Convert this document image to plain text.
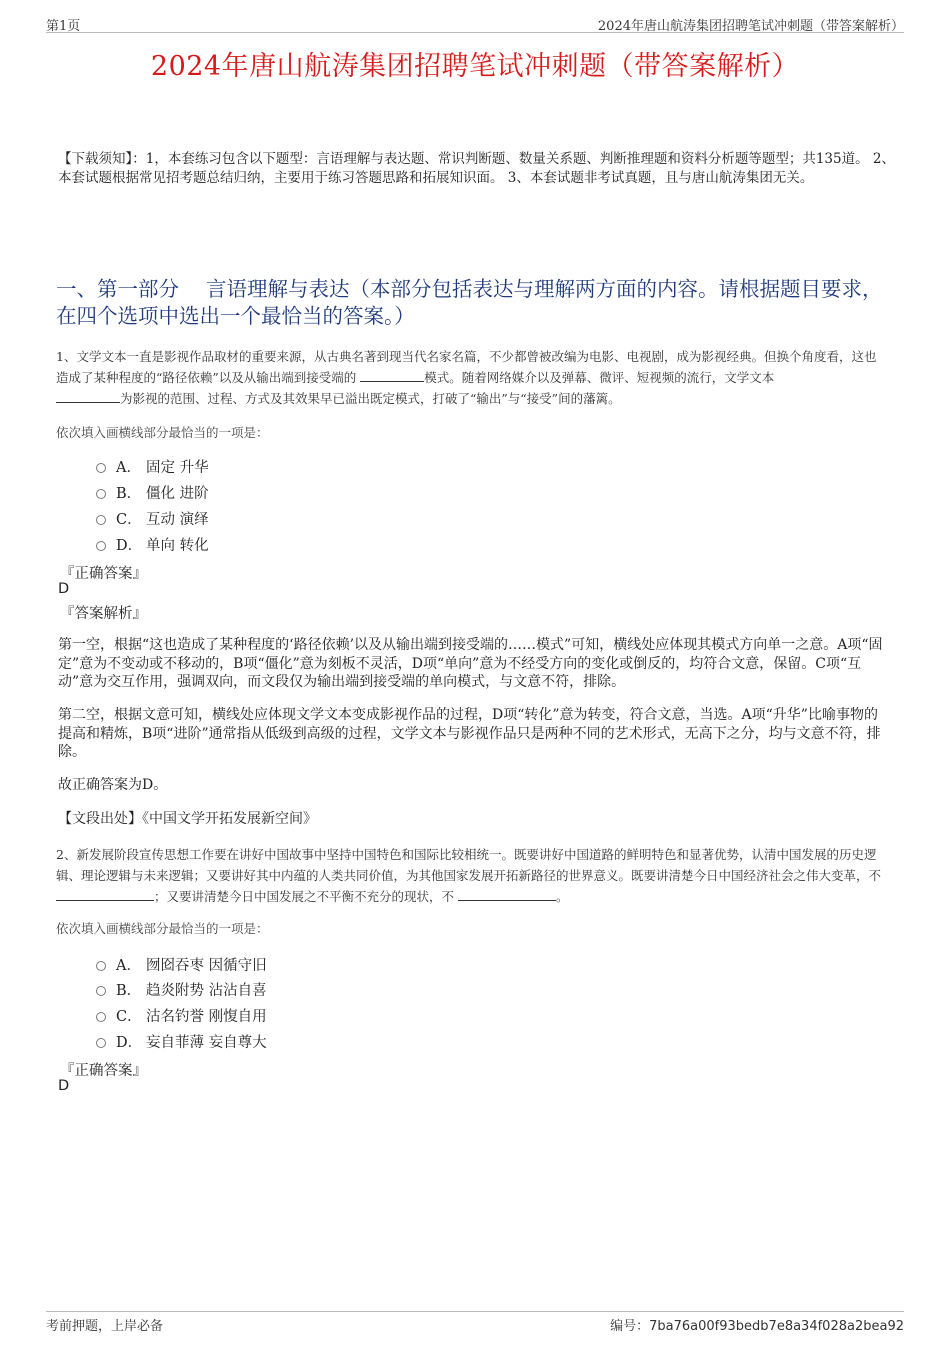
第1页	2024年唐山航涛集团招聘笔试冲刺题（带答案解析）
2024年唐山航涛集团招聘笔试冲刺题（带答案解析）
【下载须知】：1，本套练习包含以下题型：言语理解与表达题、常识判断题、数量关系题、判断推理题和资料分析题等题型；共135道。 2、本套试题根据常见招考题总结归纳，主要用于练习答题思路和拓展知识面。 3、本套试题非考试真题，且与唐山航涛集团无关。
一、第一部分　 言语理解与表达（本部分包括表达与理解两方面的内容。请根据题目要求，在四个选项中选出一个最恰当的答案。）
1、文学文本一直是影视作品取材的重要来源，从古典名著到现当代名家名篇，不少都曾被改编为电影、电视剧，成为影视经典。但换个角度看，这也造成了某种程度的“路径依赖”以及从输出端到接受端的	模式。随着网络媒介以及弹幕、微评、短视频的流行，文学文本
为影视的范围、过程、方式及其效果早已溢出既定模式，打破了“输出”与“接受”间的藩篱。
依次填入画横线部分最恰当的一项是：
A． 固定 升华
B． 僵化 进阶
C． 互动 演绎
D． 单向 转化
『正确答案』
D
『答案解析』
第一空，根据“这也造成了某种程度的‘路径依赖’以及从输出端到接受端的……模式”可知，横线处应体现其模式方向单一之意。A项“固定”意为不变动或不移动的，B项“僵化”意为刻板不灵活，D项“单向”意为不经受方向的变化或倒反的，均符合文意，保留。C项“互动”意为交互作用，强调双向，而文段仅为输出端到接受端的单向模式，与文意不符，排除。
第二空，根据文意可知，横线处应体现文学文本变成影视作品的过程，D项“转化”意为转变，符合文意，当选。A项“升华”比喻事物的提高和精炼，B项“进阶”通常指从低级到高级的过程，文学文本与影视作品只是两种不同的艺术形式，无高下之分，均与文意不符，排除。
故正确答案为D。
【文段出处】《中国文学开拓发展新空间》
2、新发展阶段宣传思想工作要在讲好中国故事中坚持中国特色和国际比较相统一。既要讲好中国道路的鲜明特色和显著优势，认清中国发展的历史逻辑、理论逻辑与未来逻辑；又要讲好其中内蕴的人类共同价值，为其他国家发展开拓新路径的世界意义。既要讲清楚今日中国经济社会之伟大变革，不 ；又要讲清楚今日中国发展之不平衡不充分的现状，不	。
依次填入画横线部分最恰当的一项是：
A． 囫囵吞枣 因循守旧
B． 趋炎附势 沾沾自喜
C． 沽名钓誉 刚愎自用
D． 妄自菲薄 妄自尊大
『正确答案』
D
考前押题，上岸必备	编号：7ba76a00f93bedb7e8a34f028a2bea92
